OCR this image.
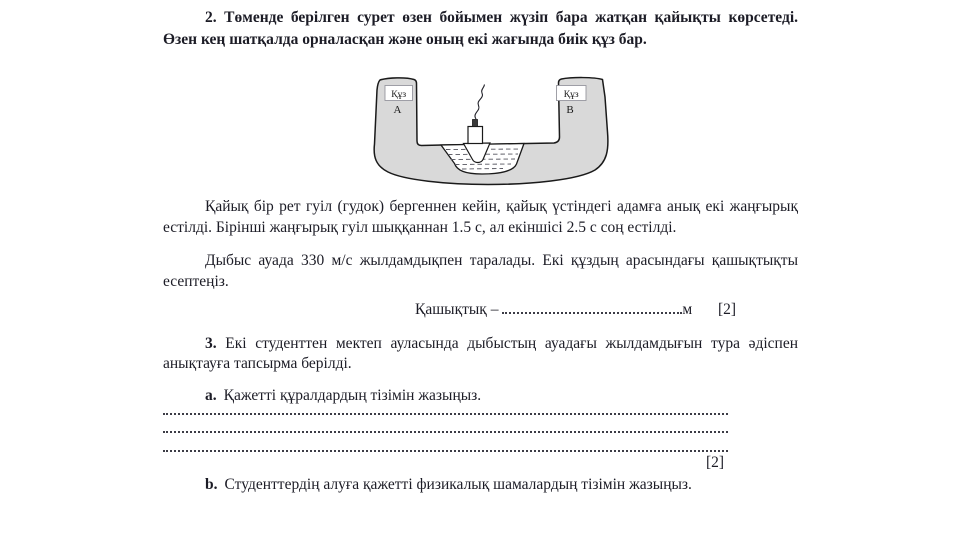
2. Төменде берілген сурет өзен бойымен жүзіп бара жатқан қайықты көрсетеді. Өзен кең шатқалда орналасқан және оның екі жағында биік құз бар.

Құз
А
Құз
В

Қайық бір рет гуіл (гудок) бергеннен кейін, қайық үстіндегі адамға анық екі жаңғырық естілді. Бірінші жаңғырық гуіл шыққаннан 1.5 с, ал екіншісі 2.5 с соң естілді.

Дыбыс ауада 330 м/с жылдамдықпен таралады. Екі құздың арасындағы қашықтықты есептеңіз.

Қашықтық –	м [2]

3. Екі студенттен мектеп ауласында дыбыстың ауадағы жылдамдығын тура әдіспен анықтауға тапсырма берілді.

a. Қажетті құралдардың тізімін жазыңыз.

[2]

b. Студенттердің алуға қажетті физикалық шамалардың тізімін жазыңыз.
